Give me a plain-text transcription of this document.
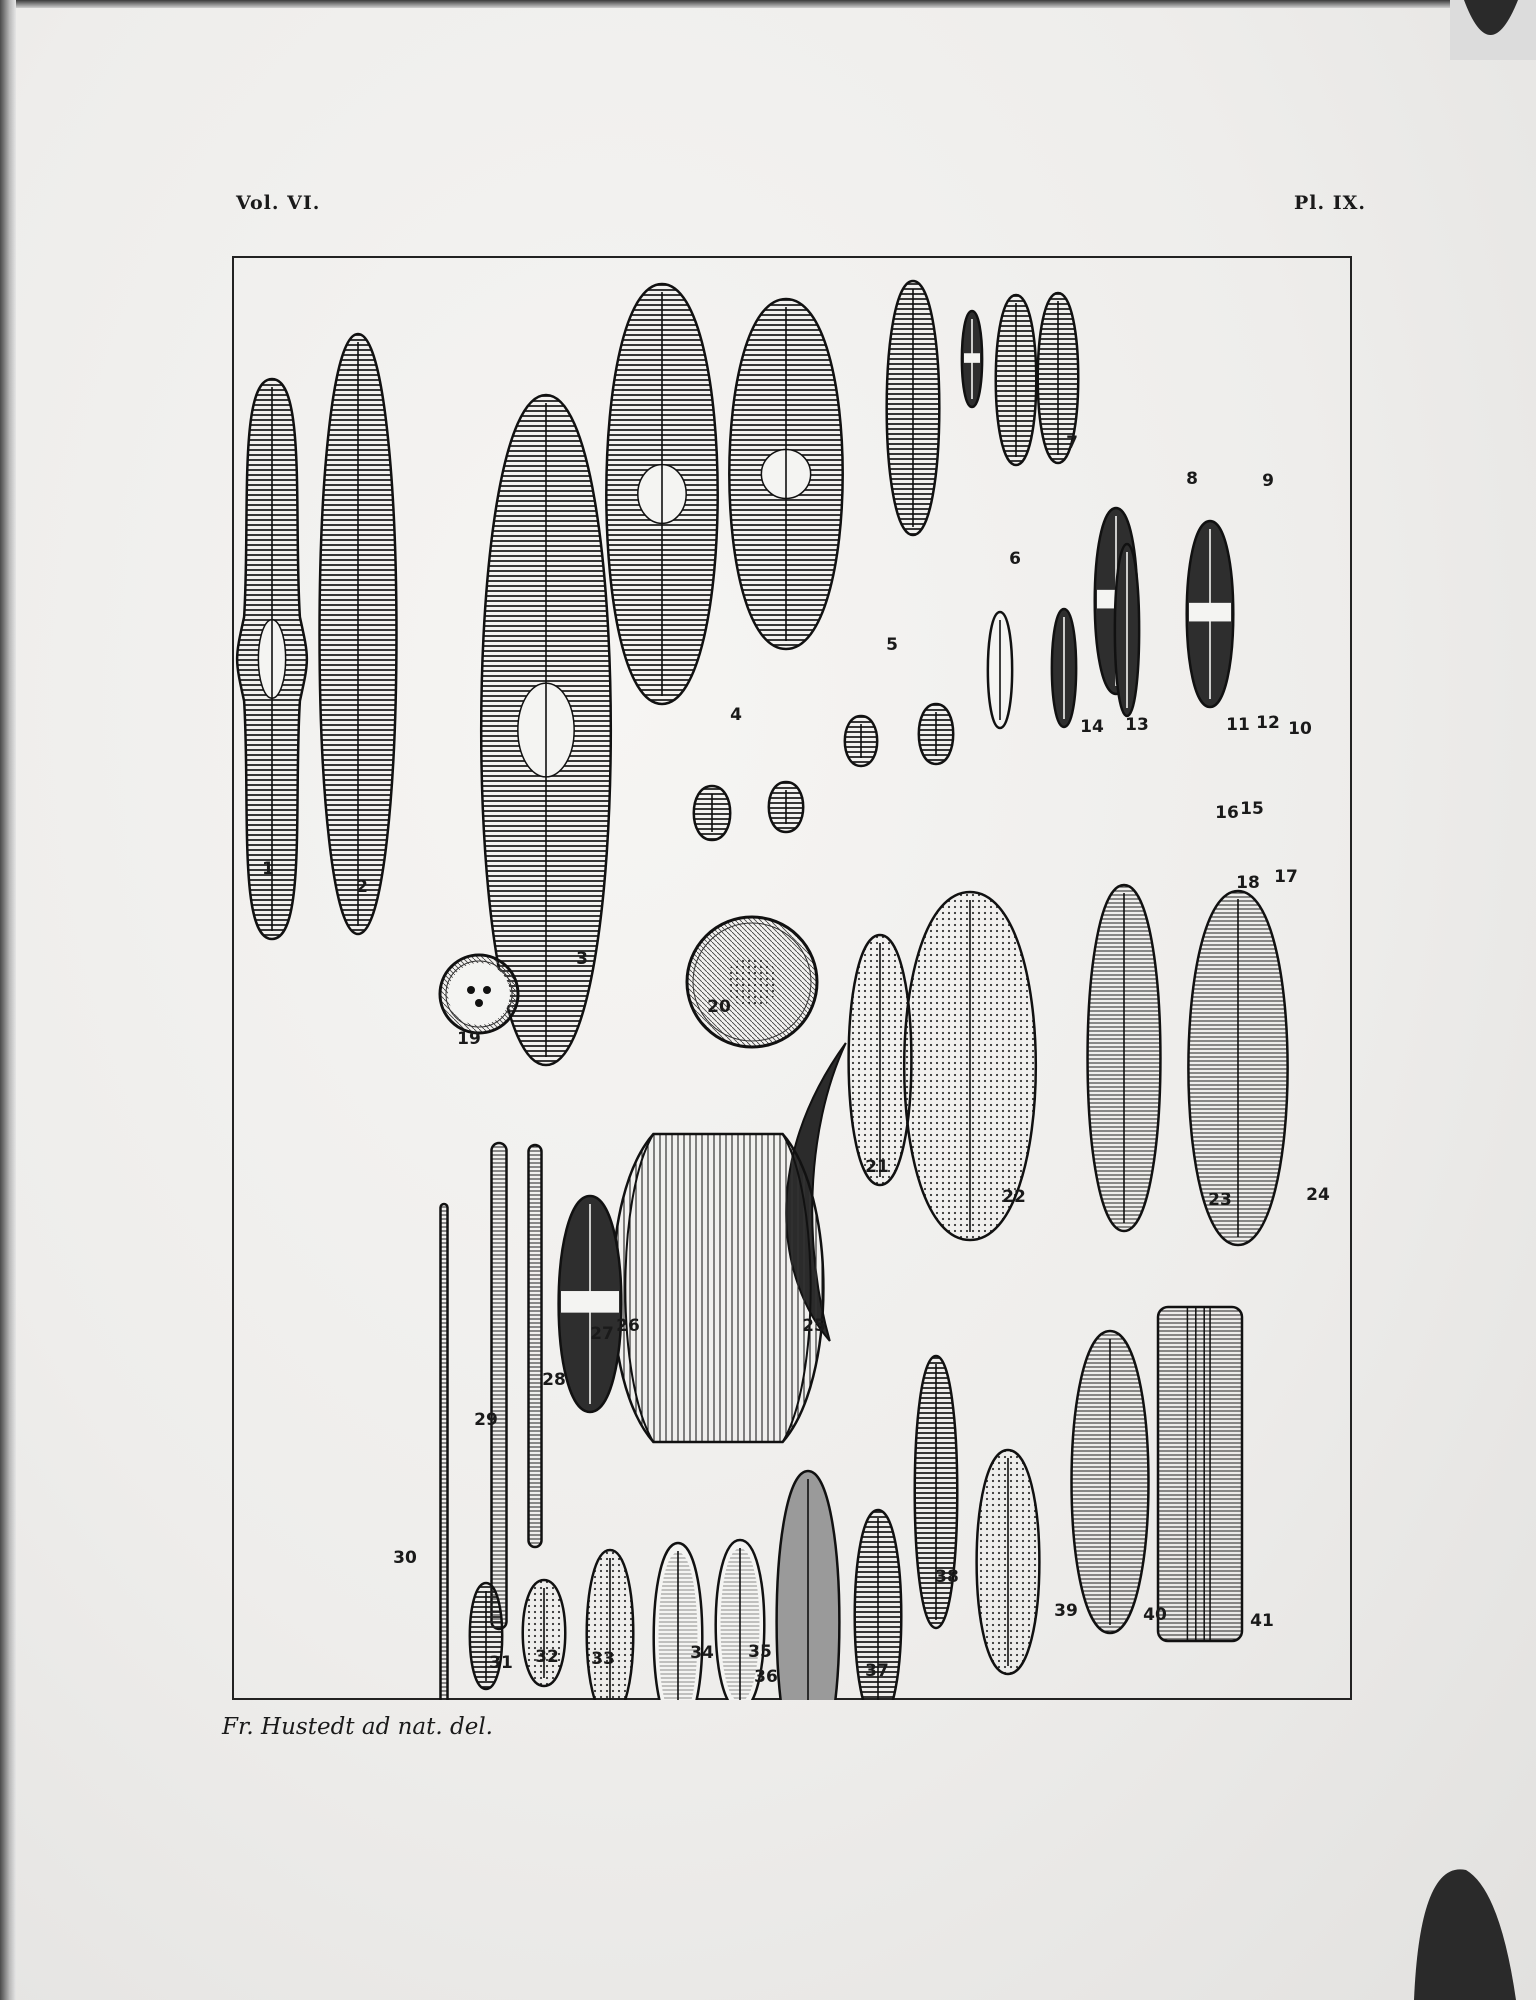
Vol. VI.	Pl. IX.
1
2
3
4
5
6
7
8	9
10
11 12
13
14
15
16
17
18
19
20
21
22	23	24
25
26
27
28
29
30
31 32 33	34 35
36	37
38
39	40	41
Fr. Hustedt ad nat. del.
